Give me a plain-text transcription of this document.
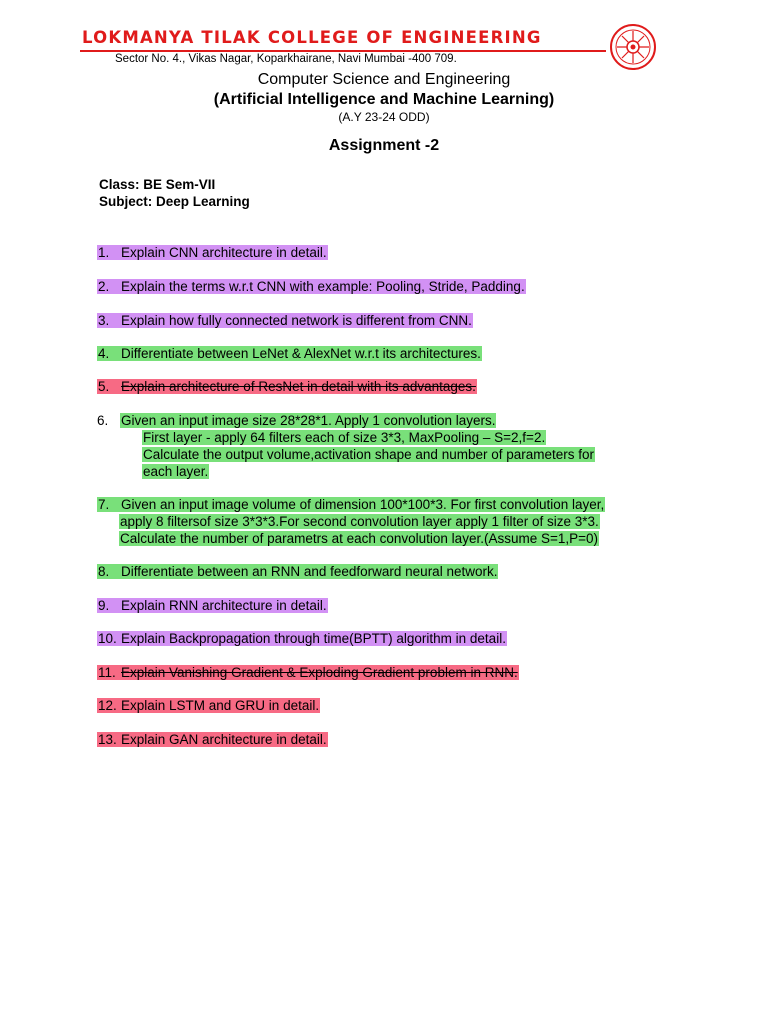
LOKMANYA TILAK COLLEGE OF ENGINEERING
Sector No. 4., Vikas Nagar, Koparkhairane, Navi Mumbai -400 709.
Computer Science and Engineering
(Artificial Intelligence and Machine Learning)
(A.Y 23-24 ODD)
Assignment -2
Class: BE Sem-VII
Subject: Deep Learning
1. Explain CNN architecture in detail.
2. Explain the terms w.r.t CNN with example: Pooling, Stride, Padding.
3. Explain how fully connected network is different from CNN.
4. Differentiate between LeNet & AlexNet w.r.t its architectures.
5. Explain architecture of ResNet in detail with its advantages.
6. Given an input image size 28*28*1. Apply 1 convolution layers.
First layer - apply 64 filters each of size 3*3, MaxPooling – S=2,f=2.
Calculate the output volume,activation shape and number of parameters for
each layer.
7. Given an input image volume of dimension 100*100*3. For first convolution layer,
apply 8 filtersof size 3*3*3.For second convolution layer apply 1 filter of size 3*3.
Calculate the number of parametrs at each convolution layer.(Assume S=1,P=0)
8. Differentiate between an RNN and feedforward neural network.
9. Explain RNN architecture in detail.
10. Explain Backpropagation through time(BPTT) algorithm in detail.
11. Explain Vanishing Gradient & Exploding Gradient problem in RNN.
12. Explain LSTM and GRU in detail.
13. Explain GAN architecture in detail.
